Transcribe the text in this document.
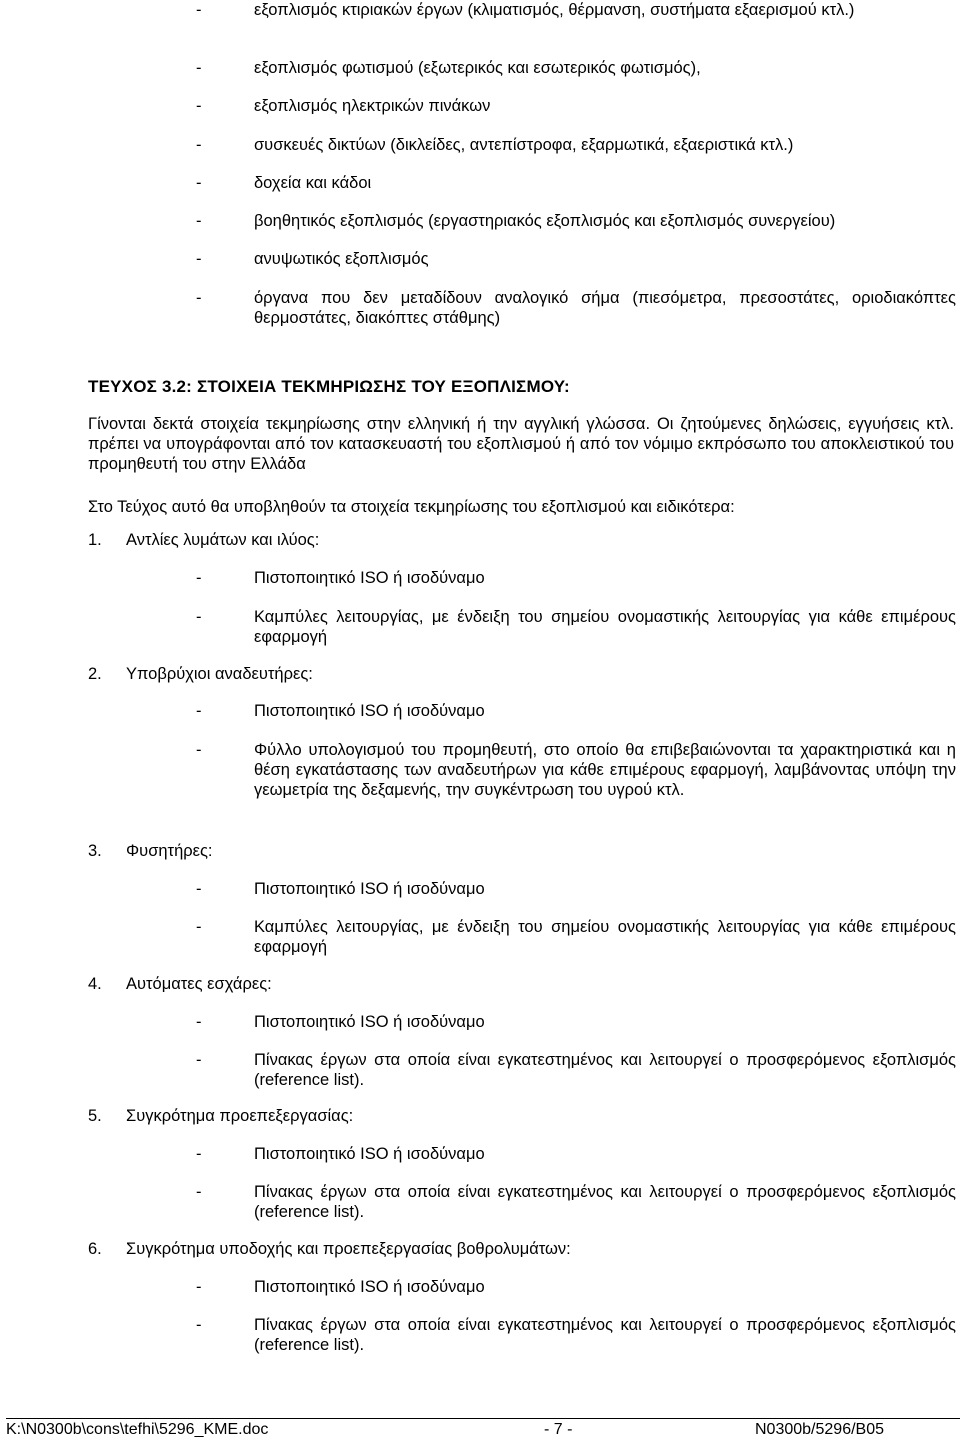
-	εξοπλισμός κτιριακών έργων (κλιματισμός, θέρμανση, συστήματα εξαερισμού κτλ.)
-	εξοπλισμός φωτισμού (εξωτερικός και εσωτερικός φωτισμός),
-	εξοπλισμός ηλεκτρικών πινάκων
-	συσκευές δικτύων (δικλείδες, αντεπίστροφα, εξαρμωτικά, εξαεριστικά κτλ.)
-	δοχεία και κάδοι
-	βοηθητικός εξοπλισμός (εργαστηριακός εξοπλισμός και εξοπλισμός συνεργείου)
-	ανυψωτικός εξοπλισμός
-	όργανα που δεν μεταδίδουν αναλογικό σήμα (πιεσόμετρα, πρεσοστάτες, οριοδιακόπτες θερμοστάτες, διακόπτες στάθμης)
ΤΕΥΧΟΣ 3.2: ΣΤΟΙΧΕΙΑ ΤΕΚΜΗΡΙΩΣΗΣ ΤΟΥ ΕΞΟΠΛΙΣΜΟΥ:
Γίνονται δεκτά στοιχεία τεκμηρίωσης στην ελληνική ή την αγγλική γλώσσα. Οι ζητούμενες δηλώσεις, εγγυήσεις κτλ. πρέπει να υπογράφονται από τον κατασκευαστή του εξοπλισμού ή από τον νόμιμο εκπρόσωπο του αποκλειστικού του προμηθευτή του στην Ελλάδα
Στο Τεύχος αυτό θα υποβληθούν τα στοιχεία τεκμηρίωσης του εξοπλισμού και ειδικότερα:
1. Αντλίες λυμάτων και ιλύος:
-	Πιστοποιητικό ISO ή ισοδύναμο
-	Καμπύλες λειτουργίας, με ένδειξη του σημείου ονομαστικής λειτουργίας για κάθε επιμέρους εφαρμογή
2. Υποβρύχιοι αναδευτήρες:
-	Πιστοποιητικό ISO ή ισοδύναμο
-	Φύλλο υπολογισμού του προμηθευτή, στο οποίο θα επιβεβαιώνονται τα χαρακτηριστικά και η θέση εγκατάστασης των αναδευτήρων για κάθε επιμέρους εφαρμογή, λαμβάνοντας υπόψη την γεωμετρία της δεξαμενής, την συγκέντρωση του υγρού κτλ.
3. Φυσητήρες:
-	Πιστοποιητικό ISO ή ισοδύναμο
-	Καμπύλες λειτουργίας, με ένδειξη του σημείου ονομαστικής λειτουργίας για κάθε επιμέρους εφαρμογή
4. Αυτόματες εσχάρες:
-	Πιστοποιητικό ISO ή ισοδύναμο
-	Πίνακας έργων στα οποία είναι εγκατεστημένος και λειτουργεί ο προσφερόμενος εξοπλισμός (reference list).
5. Συγκρότημα προεπεξεργασίας:
-	Πιστοποιητικό ISO ή ισοδύναμο
-	Πίνακας έργων στα οποία είναι εγκατεστημένος και λειτουργεί ο προσφερόμενος εξοπλισμός (reference list).
6. Συγκρότημα υποδοχής και προεπεξεργασίας βοθρολυμάτων:
-	Πιστοποιητικό ISO ή ισοδύναμο
-	Πίνακας έργων στα οποία είναι εγκατεστημένος και λειτουργεί ο προσφερόμενος εξοπλισμός (reference list).
K:\N0300b\cons\tefhi\5296_KME.doc	- 7 -	N0300b/5296/B05
